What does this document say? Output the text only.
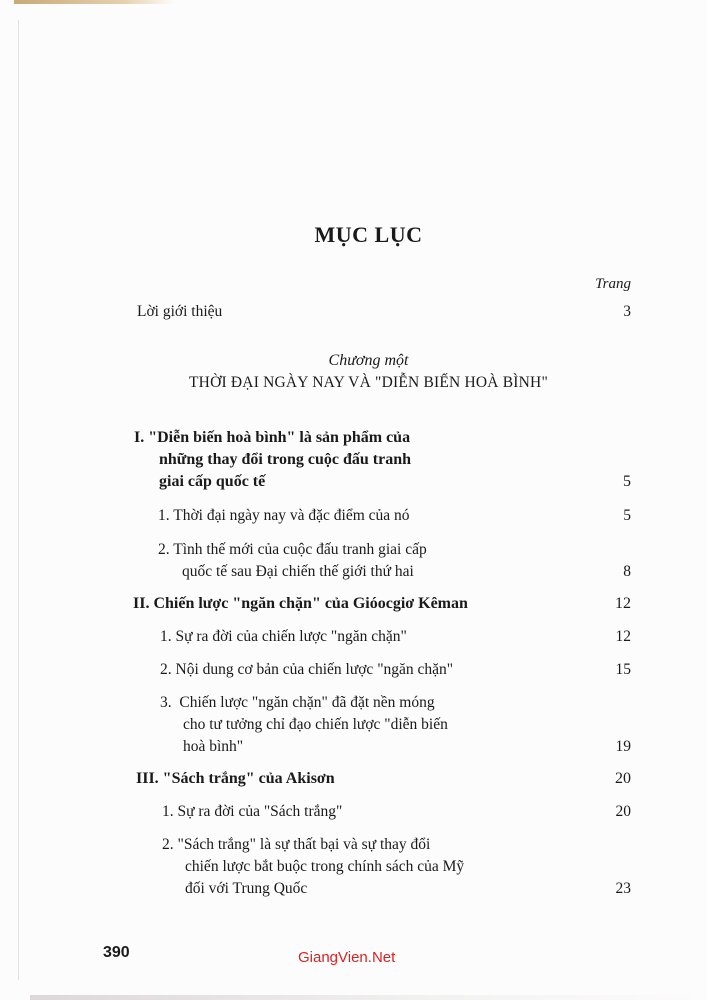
MỤC LỤC
Trang
Lời giới thiệu	3
Chương một
THỜI ĐẠI NGÀY NAY VÀ "DIỄN BIẾN HOÀ BÌNH"
I. "Diễn biến hoà bình" là sản phẩm của
những thay đổi trong cuộc đấu tranh
giai cấp quốc tế	5
1. Thời đại ngày nay và đặc điểm của nó	5
2. Tình thế mới của cuộc đấu tranh giai cấp
quốc tế sau Đại chiến thế giới thứ hai	8
II. Chiến lược "ngăn chặn" của Gióocgiơ Kêman	12
1. Sự ra đời của chiến lược "ngăn chặn"	12
2. Nội dung cơ bản của chiến lược "ngăn chặn"	15
3.  Chiến lược "ngăn chặn" đã đặt nền móng
cho tư tưởng chỉ đạo chiến lược "diễn biến
hoà bình"	19
III. "Sách trắng" của Akisơn	20
1. Sự ra đời của "Sách trắng"	20
2. "Sách trắng" là sự thất bại và sự thay đổi
chiến lược bắt buộc trong chính sách của Mỹ
đối với Trung Quốc	23
390	GiangVien.Net
